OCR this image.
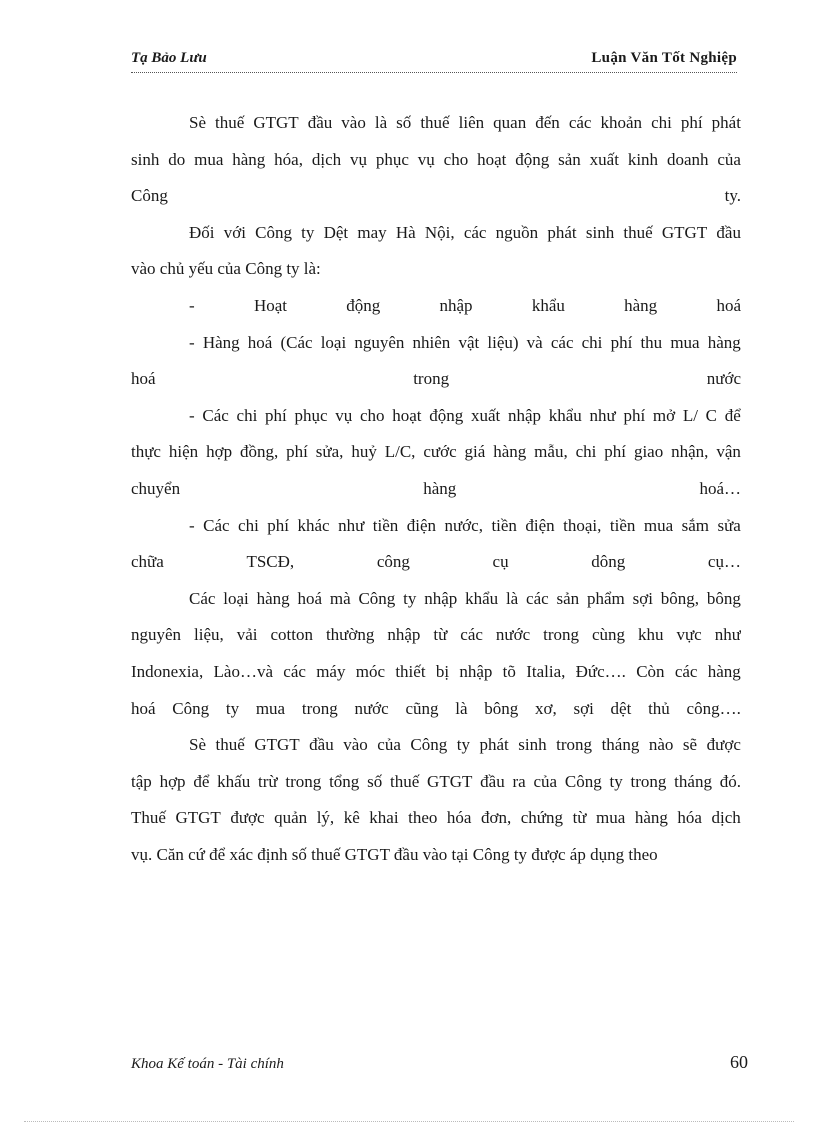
Tạ Bảo Lưu	Luận Văn Tốt Nghiệp
Sè thuế GTGT đầu vào là số thuế liên quan đến các khoản chi phí phát
sinh do mua hàng hóa, dịch vụ phục vụ cho hoạt động sản xuất kinh doanh của
Công	ty.
Đối với Công ty Dệt may Hà Nội, các nguồn phát sinh thuế GTGT đầu
vào chủ yếu của Công ty là:
-	Hoạt	động	nhập	khẩu	hàng	hoá
- Hàng hoá (Các loại nguyên nhiên vật liệu) và các chi phí thu mua hàng
hoá	trong	nước
- Các chi phí phục vụ cho hoạt động xuất nhập khẩu như phí mở L/ C để
thực hiện hợp đồng, phí sửa, huỷ L/C, cước giá hàng mẫu, chi phí giao nhận, vận
chuyển	hàng	hoá…
- Các chi phí khác như tiền điện nước, tiền điện thoại, tiền mua sắm sửa
chữa	TSCĐ,	công	cụ	dông	cụ…
Các loại hàng hoá mà Công ty nhập khẩu là các sản phẩm sợi bông, bông
nguyên liệu, vải cotton thường nhập từ các nước trong cùng khu vực như
Indonexia, Lào…và các máy móc thiết bị nhập tõ Italia, Đức…. Còn các hàng
hoá Công ty mua trong nước cũng là bông xơ, sợi dệt thủ công….
Sè thuế GTGT đầu vào của Công ty phát sinh trong tháng nào sẽ được
tập hợp để khấu trừ trong tổng số thuế GTGT đầu ra của Công ty trong tháng đó.
Thuế GTGT được quản lý, kê khai theo hóa đơn, chứng từ mua hàng hóa dịch
vụ. Căn cứ để xác định số thuế GTGT đầu vào tại Công ty được áp dụng theo
Khoa Kế toán - Tài chính	60
